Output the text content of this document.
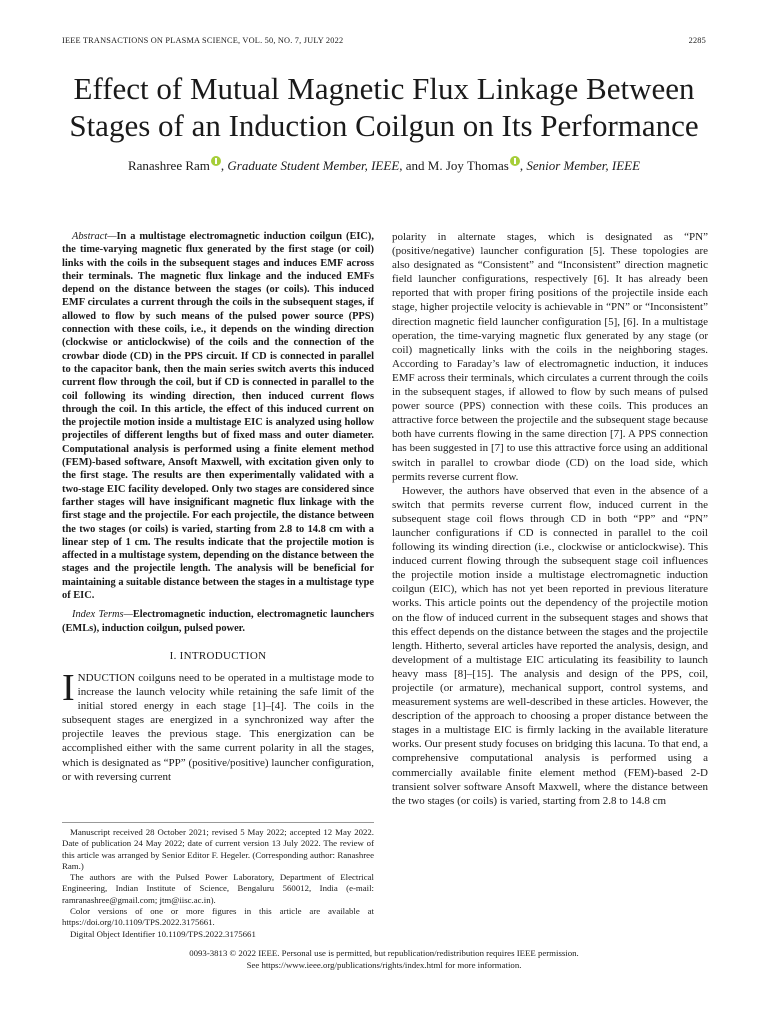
IEEE TRANSACTIONS ON PLASMA SCIENCE, VOL. 50, NO. 7, JULY 2022	2285
Effect of Mutual Magnetic Flux Linkage Between
Stages of an Induction Coilgun on Its Performance
Ranashree Ram , Graduate Student Member, IEEE, and M. Joy Thomas , Senior Member, IEEE

Abstract—In a multistage electromagnetic induction coilgun (EIC), the time-varying magnetic flux generated by the first stage (or coil) links with the coils in the subsequent stages and induces EMF across their terminals. The magnetic flux linkage and the induced EMFs depend on the distance between the stages (or coils). This induced EMF circulates a current through the coils in the subsequent stages, if allowed to flow by such means of the pulsed power source (PPS) connection with these coils, i.e., it depends on the winding direction (clockwise or anticlockwise) of the coils and the connection of the crowbar diode (CD) in the PPS circuit. If CD is connected in parallel to the capacitor bank, then the main series switch averts this induced current flow through the coil, but if CD is connected in parallel to the coil following its winding direction, then induced current flows through the coil. In this article, the effect of this induced current on the projectile motion inside a multistage EIC is analyzed using hollow projectiles of different lengths but of fixed mass and outer diameter. Computational analysis is performed using a finite element method (FEM)-based software, Ansoft Maxwell, with excitation given only to the first stage. The results are then experimentally validated with a two-stage EIC facility developed. Only two stages are considered since farther stages will have insignificant magnetic flux linkage with the first stage and the projectile. For each projectile, the distance between the two stages (or coils) is varied, starting from 2.8 to 14.8 cm with a linear step of 1 cm. The results indicate that the projectile motion is affected in a multistage system, depending on the distance between the stages and the projectile length. The analysis will be beneficial for maintaining a suitable distance between the stages in a multistage type of EIC.

Index Terms—Electromagnetic induction, electromagnetic launchers (EMLs), induction coilgun, pulsed power.

I. INTRODUCTION

INDUCTION coilguns need to be operated in a multistage mode to increase the launch velocity while retaining the safe limit of the initial stored energy in each stage [1]–[4]. The coils in the subsequent stages are energized in a synchronized way after the projectile leaves the previous stage. This energization can be accomplished either with the same current polarity in all the stages, which is designated as “PP” (positive/positive) launcher configuration, or with reversing current

Manuscript received 28 October 2021; revised 5 May 2022; accepted 12 May 2022. Date of publication 24 May 2022; date of current version 13 July 2022. The review of this article was arranged by Senior Editor F. Hegeler. (Corresponding author: Ranashree Ram.)

The authors are with the Pulsed Power Laboratory, Department of Electrical Engineering, Indian Institute of Science, Bengaluru 560012, India (e-mail: ramranashree@gmail.com; jtm@iisc.ac.in).

Color versions of one or more figures in this article are available at https://doi.org/10.1109/TPS.2022.3175661.

Digital Object Identifier 10.1109/TPS.2022.3175661

polarity in alternate stages, which is designated as “PN” (positive/negative) launcher configuration [5]. These topologies are also designated as “Consistent” and “Inconsistent” direction magnetic field launcher configurations, respectively [6]. It has already been reported that with proper firing positions of the projectile inside each stage, higher projectile velocity is achievable in “PN” or “Inconsistent” direction magnetic field launcher configuration [5], [6]. In a multistage operation, the time-varying magnetic flux generated by any stage (or coil) magnetically links with the coils in the neighboring stages. According to Faraday’s law of electromagnetic induction, it induces EMF across their terminals, which circulates a current through the coils in the subsequent stages, if allowed to flow by such means of pulsed power source (PPS) connection with these coils. This produces an attractive force between the projectile and the subsequent stage because both have currents flowing in the same direction [7]. A PPS connection has been suggested in [7] to use this attractive force using an additional switch in parallel to crowbar diode (CD) on the load side, which permits reverse current flow.

However, the authors have observed that even in the absence of a switch that permits reverse current flow, induced current in the subsequent stage coil flows through CD in both “PP” and “PN” launcher configurations if CD is connected in parallel to the coil following its winding direction (i.e., clockwise or anticlockwise). This induced current flowing through the subsequent stage coil influences the projectile motion inside a multistage electromagnetic induction coilgun (EIC), which has not yet been reported in previous literature works. This article points out the dependency of the projectile motion on the flow of induced current in the subsequent stages and shows that this effect depends on the distance between the stages and the projectile length. Hitherto, several articles have reported the analysis, design, and development of a multistage EIC articulating its feasibility to launch heavy mass [8]–[15]. The analysis and design of the PPS, coil, projectile (or armature), mechanical support, control systems, and measurement systems are well-described in these articles. However, the description of the approach to choosing a proper distance between the stages in a multistage EIC is firmly lacking in the available literature works. Our present study focuses on bridging this lacuna. To that end, a comprehensive computational analysis is performed using a commercially available finite element method (FEM)-based 2-D transient solver software Ansoft Maxwell, where the distance between the two stages (or coils) is varied, starting from 2.8 to 14.8 cm

0093-3813 © 2022 IEEE. Personal use is permitted, but republication/redistribution requires IEEE permission.
See https://www.ieee.org/publications/rights/index.html for more information.
